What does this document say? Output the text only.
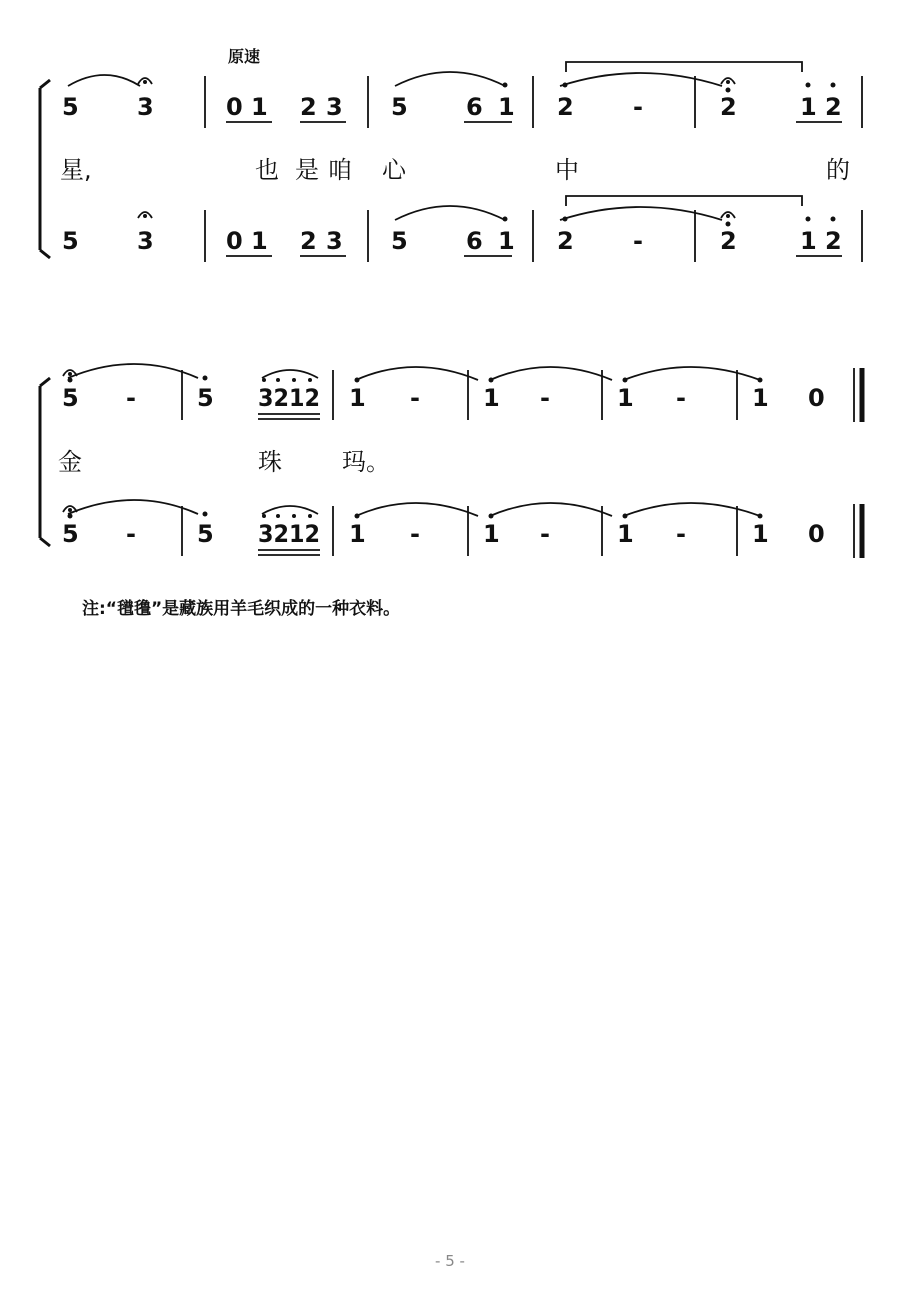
原速
5 3	0 1 2 3 5 6 1 2 -	2	1 2
星,	也 是 咱 心	中	的
5 3	0 1 2 3 5 6 1 2 -	2	1 2
5 -	5 3212 1 -	1 -	1 -	1 0
金	珠	玛。
5 -	5 3212 1 -	1 -	1 -	1 0
注:“氆氇”是藏族用羊毛织成的一种衣料。
- 5 -
